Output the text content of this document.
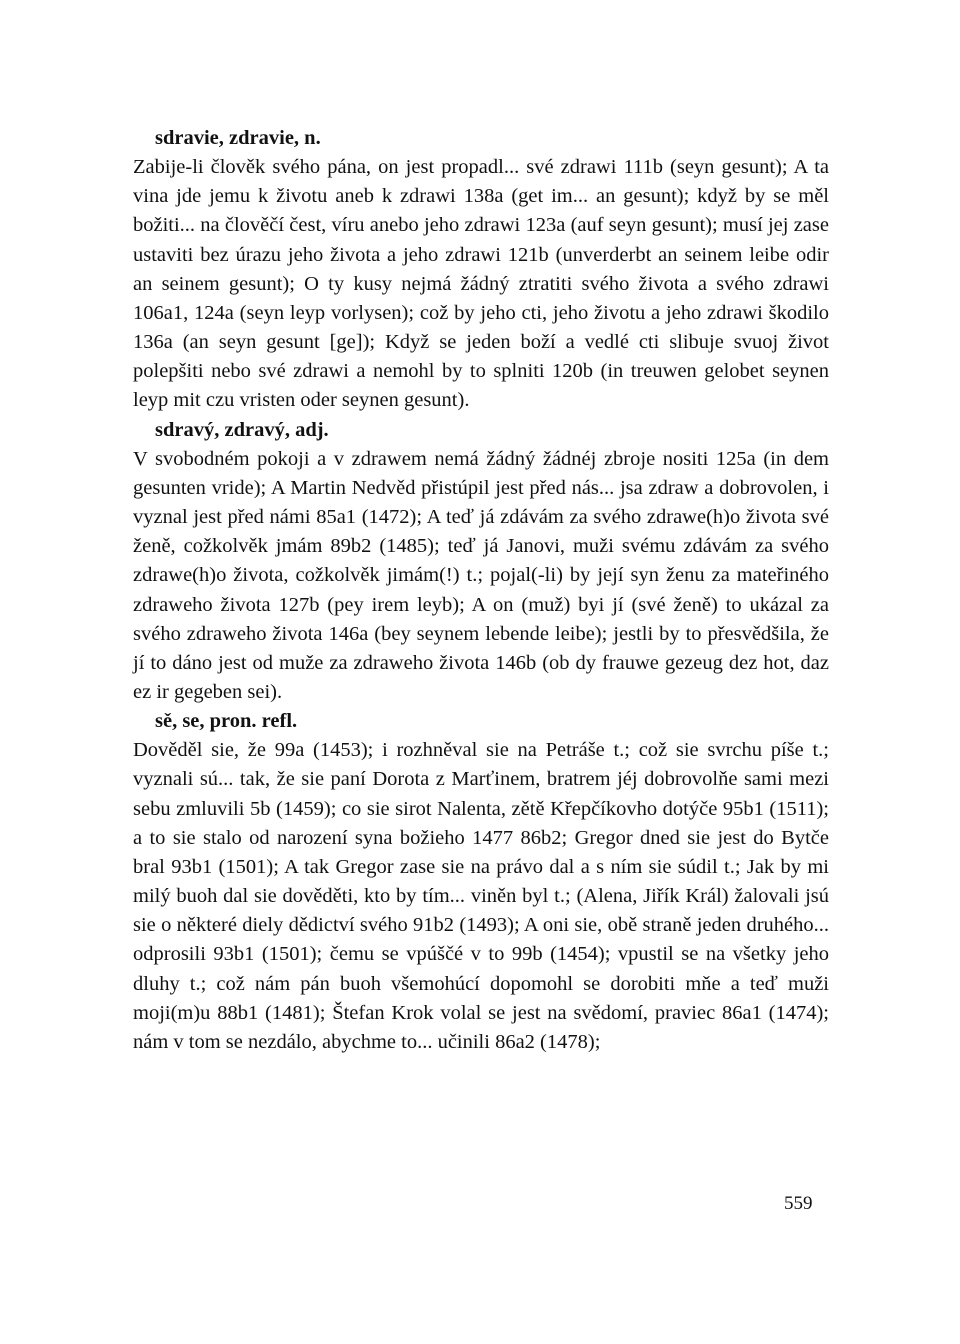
sdravie, zdravie, n.
Zabije-li člověk svého pána, on jest propadl... své zdrawi 111b (seyn gesunt); A ta vina jde jemu k životu aneb k zdrawi 138a (get im... an gesunt); když by se měl božiti... na člověčí čest, víru anebo jeho zdrawi 123a (auf seyn gesunt); musí jej zase ustaviti bez úrazu jeho života a jeho zdrawi 121b (unverderbt an seinem leibe odir an seinem gesunt); O ty kusy nejmá žádný ztratiti svého života a svého zdrawi 106a1, 124a (seyn leyp vorlysen); což by jeho cti, jeho životu a jeho zdrawi škodilo 136a (an seyn gesunt [ge]); Když se jeden boží a vedlé cti slibuje svuoj život polepšiti nebo své zdrawi a nemohl by to splniti 120b (in treuwen gelobet seynen leyp mit czu vristen oder seynen gesunt).
sdravý, zdravý, adj.
V svobodném pokoji a v zdrawem nemá žádný žádnéj zbroje nositi 125a (in dem gesunten vride); A Martin Nedvěd přistúpil jest před nás... jsa zdraw a dobrovolen, i vyznal jest před námi 85a1 (1472); A teď já zdávám za svého zdrawe(h)o života své ženě, cožkolvěk jmám 89b2 (1485); teď já Janovi, muži svému zdávám za svého zdrawe(h)o života, cožkolvěk jimám(!) t.; pojal(-li) by její syn ženu za mateřiného zdraweho života 127b (pey irem leyb); A on (muž) byi jí (své ženě) to ukázal za svého zdraweho života 146a (bey seynem lebende leibe); jestli by to přesvědšila, že jí to dáno jest od muže za zdraweho života 146b (ob dy frauwe gezeug dez hot, daz ez ir gegeben sei).
sě, se, pron. refl.
Dověděl sie, že 99a (1453); i rozhněval sie na Petráše t.; což sie svrchu píše t.; vyznali sú... tak, že sie paní Dorota z Marťinem, bratrem jéj dobrovolňe sami mezi sebu zmluvili 5b (1459); co sie sirot Nalenta, zětě Křepčíkovho dotýče 95b1 (1511); a to sie stalo od narození syna božieho 1477 86b2; Gregor dned sie jest do Bytče bral 93b1 (1501); A tak Gregor zase sie na právo dal a s ním sie súdil t.; Jak by mi milý buoh dal sie dověděti, kto by tím... viněn byl t.; (Alena, Jiřík Král) žalovali jsú sie o některé diely dědictví svého 91b2 (1493); A oni sie, obě straně jeden druhého... odprosili 93b1 (1501); čemu se vpúščé v to 99b (1454); vpustil se na všetky jeho dluhy t.; což nám pán buoh všemohúcí dopomohl se dorobiti mňe a teď muži moji(m)u 88b1 (1481); Štefan Krok volal se jest na svědomí, praviec 86a1 (1474); nám v tom se nezdálo, abychme to... učinili 86a2 (1478);
559
